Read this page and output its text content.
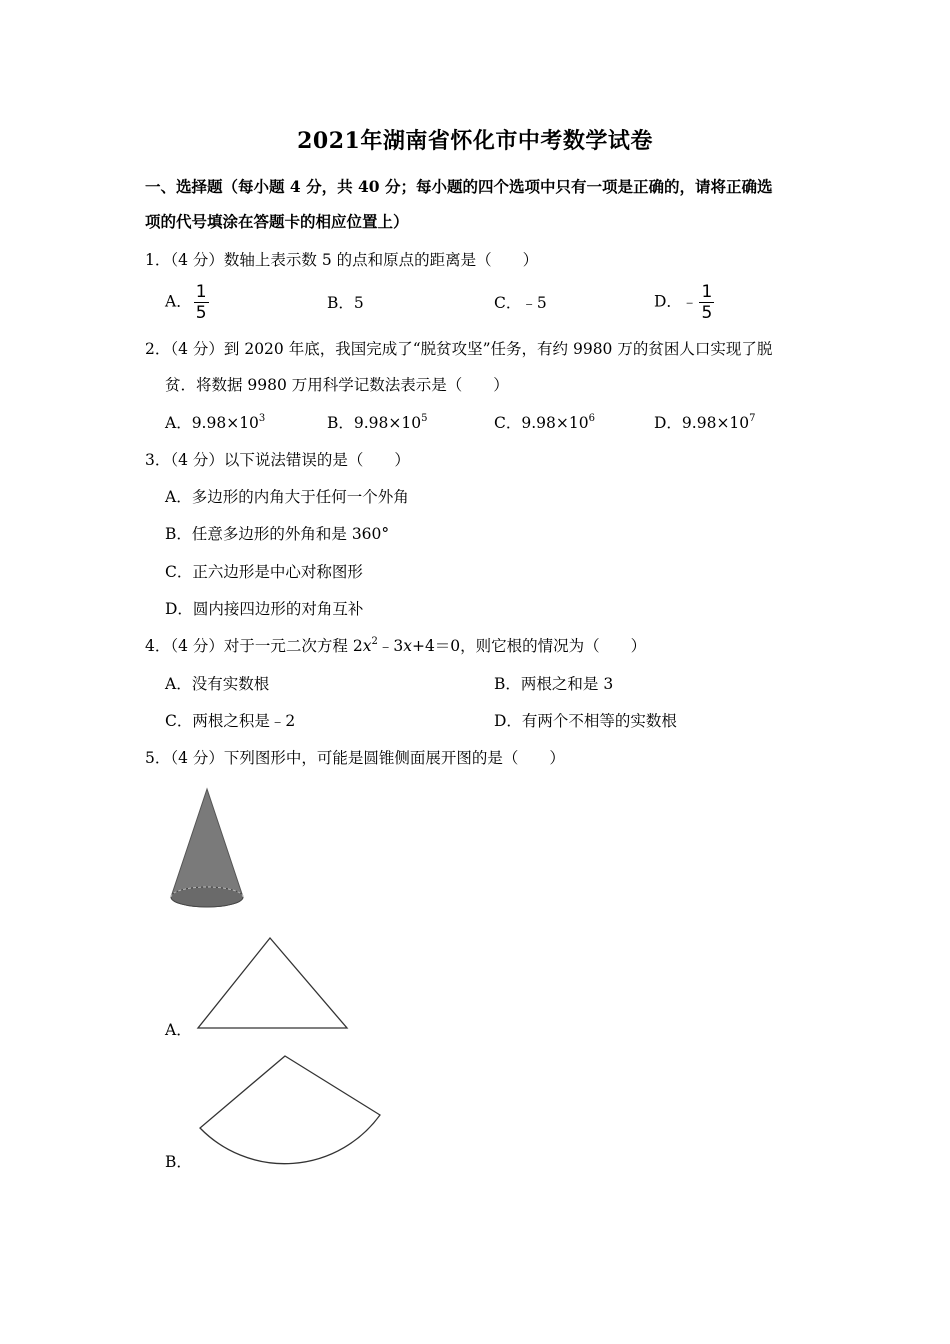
2021年湖南省怀化市中考数学试卷
一、选择题（每小题 4 分，共 40 分；每小题的四个选项中只有一项是正确的，请将正确选
项的代号填涂在答题卡的相应位置上）
1．（4 分）数轴上表示数 5 的点和原点的距离是（　　）
A． $\frac{1}{5}$	B．5	C．﹣5	D．﹣ $\frac{1}{5}$
2．（4 分）到 2020 年底，我国完成了“脱贫攻坚”任务，有约 9980 万的贫困人口实现了脱
贫．将数据 9980 万用科学记数法表示是（　　）
A．$9.98\times 10^3$	B．$9.98\times 10^5$	C．$9.98\times 10^6$	D．$9.98\times 10^7$
3．（4 分）以下说法错误的是（　　）
A．多边形的内角大于任何一个外角
B．任意多边形的外角和是 360°
C．正六边形是中心对称图形
D．圆内接四边形的对角互补
4．（4 分）对于一元二次方程 $2x^2﹣3x+4=0$，则它根的情况为（　　）
A．没有实数根	B．两根之和是 3
C．两根之积是﹣2	D．有两个不相等的实数根
5．（4 分）下列图形中，可能是圆锥侧面展开图的是（　　）
A．
B．
